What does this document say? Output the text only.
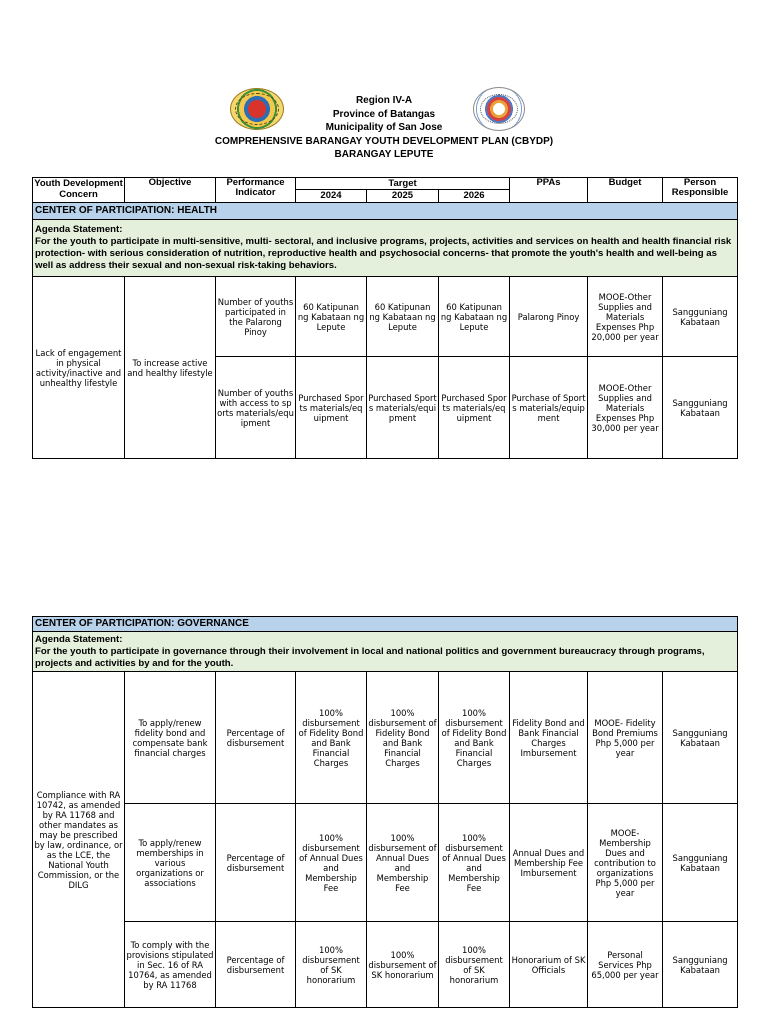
Region IV-A
Province of Batangas
Municipality of San Jose
COMPREHENSIVE BARANGAY YOUTH DEVELOPMENT PLAN (CBYDP)
BARANGAY LEPUTE
Youth Development Concern	Objective	Performance Indicator	Target			PPAs	Budget	Person Responsible
			2024	2025	2026			
CENTER OF PARTICIPATION: HEALTH								

Agenda Statement:
For the youth to participate in multi-sensitive, multi- sectoral, and inclusive programs, projects, activities and services on health and health financial risk protection- with serious consideration of nutrition, reproductive health and psychosocial concerns- that promote the youth's health and well-being as well as address their sexual and non-sexual risk-taking behaviors.								
Lack of engagement in physical activity/inactive and unhealthy lifestyle	To increase active and healthy lifestyle	Number of youths participated in the Palarong Pinoy	60 Katipunan ng Kabataan ng Lepute	60 Katipunan ng Kabataan ng Lepute	60 Katipunan ng Kabataan ng Lepute	Palarong Pinoy	MOOE-Other Supplies and Materials Expenses Php 20,000 per year	Sangguniang Kabataan
		Number of youths with access to sports materials/equipment	Purchased Sports materials/equipment	Purchased Sports materials/equipment	Purchased Sports materials/equipment	Purchase of Sports materials/equipment	MOOE-Other Supplies and Materials Expenses Php 30,000 per year	Sangguniang Kabataan
CENTER OF PARTICIPATION: GOVERNANCE								

Agenda Statement:
For the youth to participate in governance through their involvement in local and national politics and government bureaucracy through programs, projects and activities by and for the youth.								
Compliance with RA 10742, as amended by RA 11768 and other mandates as may be prescribed by law, ordinance, or as the LCE, the National Youth Commission, or the DILG	To apply/renew fidelity bond and compensate bank financial charges	Percentage of disbursement	100% disbursement of Fidelity Bond and Bank Financial Charges	100% disbursement of Fidelity Bond and Bank Financial Charges	100% disbursement of Fidelity Bond and Bank Financial Charges	Fidelity Bond and Bank Financial Charges Imbursement	MOOE- Fidelity Bond Premiums Php 5,000 per year	Sangguniang Kabataan
	To apply/renew memberships in various organizations or associations	Percentage of disbursement	100% disbursement of Annual Dues and Membership Fee	100% disbursement of Annual Dues and Membership Fee	100% disbursement of Annual Dues and Membership Fee	Annual Dues and Membership Fee Imbursement	MOOE- Membership Dues and contribution to organizations Php 5,000 per year	Sangguniang Kabataan
	To comply with the provisions stipulated in Sec. 16 of RA 10764, as amended by RA 11768	Percentage of disbursement	100% disbursement of SK honorarium	100% disbursement of SK honorarium	100% disbursement of SK honorarium	Honorarium of SK Officials	Personal Services Php 65,000 per year	Sangguniang Kabataan
